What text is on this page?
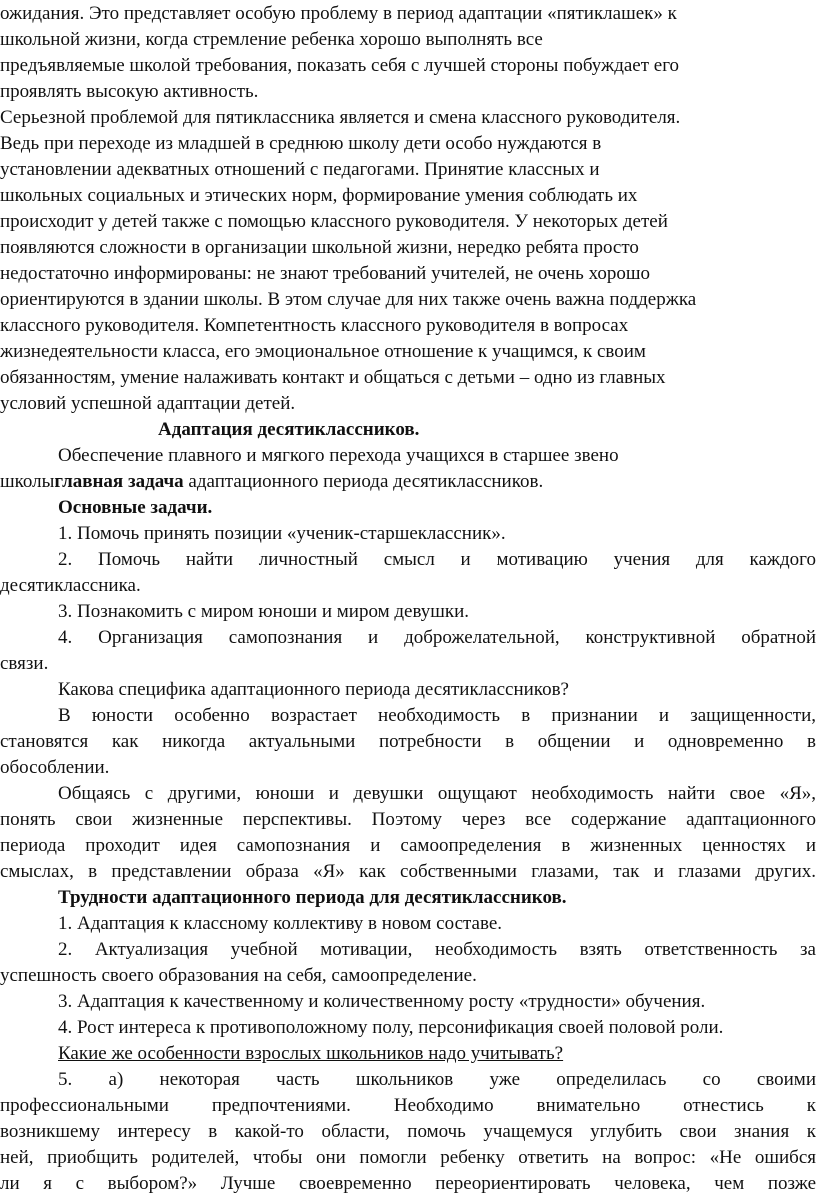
ожидания. Это представляет особую проблему в период адаптации «пятиклашек» к
школьной жизни, когда стремление ребенка хорошо выполнять все
предъявляемые школой требования, показать себя с лучшей стороны побуждает его
проявлять высокую активность.
Серьезной проблемой для пятиклассника является и смена классного руководителя.
Ведь при переходе из младшей в среднюю школу дети особо нуждаются в
установлении адекватных отношений с педагогами. Принятие классных и
школьных социальных и этических норм, формирование умения соблюдать их
происходит у детей также с помощью классного руководителя. У некоторых детей
появляются сложности в организации школьной жизни, нередко ребята просто
недостаточно информированы: не знают требований учителей, не очень хорошо
ориентируются в здании школы. В этом случае для них также очень важна поддержка
классного руководителя. Компетентность классного руководителя в вопросах
жизнедеятельности класса, его эмоциональное отношение к учащимся, к своим
обязанностям, умение налаживать контакт и общаться с детьми – одно из главных
условий успешной адаптации детей.
Адаптация десятиклассников.
Обеспечение плавного и мягкого перехода учащихся в старшее звено
школыглавная задача адаптационного периода десятиклассников.
Основные задачи.
1. Помочь принять позиции «ученик-старшеклассник».
2. Помочь найти личностный смысл и мотивацию учения для каждого
десятиклассника.
3. Познакомить с миром юноши и миром девушки.
4. Организация самопознания и доброжелательной, конструктивной обратной
связи.
Какова специфика адаптационного периода десятиклассников?
В юности особенно возрастает необходимость в признании и защищенности,
становятся как никогда актуальными потребности в общении и одновременно в
обособлении.
Общаясь с другими, юноши и девушки ощущают необходимость найти свое «Я»,
понять свои жизненные перспективы. Поэтому через все содержание адаптационного
периода проходит идея самопознания и самоопределения в жизненных ценностях и
смыслах, в представлении образа «Я» как собственными глазами, так и глазами других.
Трудности адаптационного периода для десятиклассников.
1. Адаптация к классному коллективу в новом составе.
2. Актуализация учебной мотивации, необходимость взять ответственность за
успешность своего образования на себя, самоопределение.
3. Адаптация к качественному и количественному росту «трудности» обучения.
4. Рост интереса к противоположному полу, персонификация своей половой роли.
Какие же особенности взрослых школьников надо учитывать?
5. а) некоторая часть школьников уже определилась со своими
профессиональными предпочтениями. Необходимо внимательно отнестись к
возникшему интересу в какой-то области, помочь учащемуся углубить свои знания к
ней, приобщить родителей, чтобы они помогли ребенку ответить на вопрос: «Не ошибся
ли я с выбором?» Лучше своевременно переориентировать человека, чем позже
